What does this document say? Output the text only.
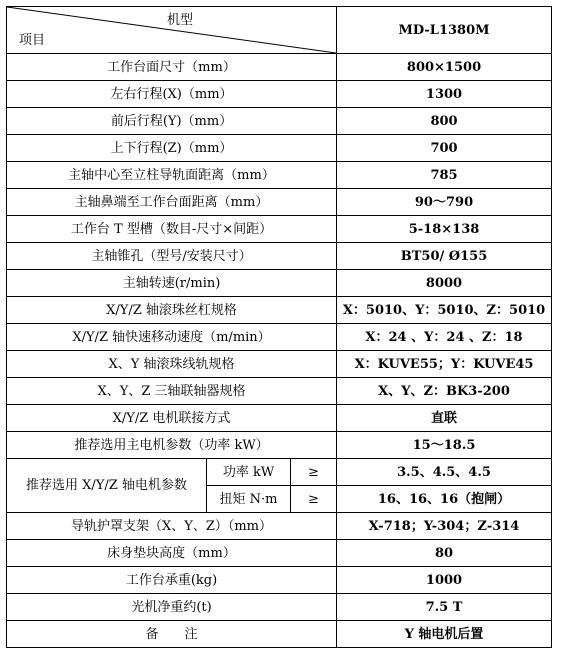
机型
项目			MD-L1380M
工作台面尺寸（mm）			800×1500
左右行程(X)（mm）			1300
前后行程(Y)（mm）			800
上下行程(Z)（mm）			700
主轴中心至立柱导轨面距离（mm）			785
主轴鼻端至工作台面距离（mm）			90～790
工作台 T 型槽（数目-尺寸×间距）			5-18×138
主轴锥孔（型号/安装尺寸）			BT50/ Ø155
主轴转速(r/min)			8000
X/Y/Z 轴滚珠丝杠规格			X：5010、Y：5010、Z：5010
X/Y/Z 轴快速移动速度（m/min）			X：24 、Y：24 、Z：18
X、Y 轴滚珠线轨规格			X：KUVE55；Y：KUVE45
X、Y、Z 三轴联轴器规格			X、Y、Z：BK3-200
X/Y/Z 电机联接方式			直联
推荐选用主电机参数（功率 kW）			15～18.5
推荐选用 X/Y/Z 轴电机参数	功率 kW	≥	3.5、4.5、4.5
	扭矩 N·m	≥	16、16、16（抱闸）
导轨护罩支架（X、Y、Z）（mm）			X-718；Y-304；Z-314
床身垫块高度（mm）			80
工作台承重(kg)			1000
光机净重约(t)			7.5 T
备　　注			Y 轴电机后置
